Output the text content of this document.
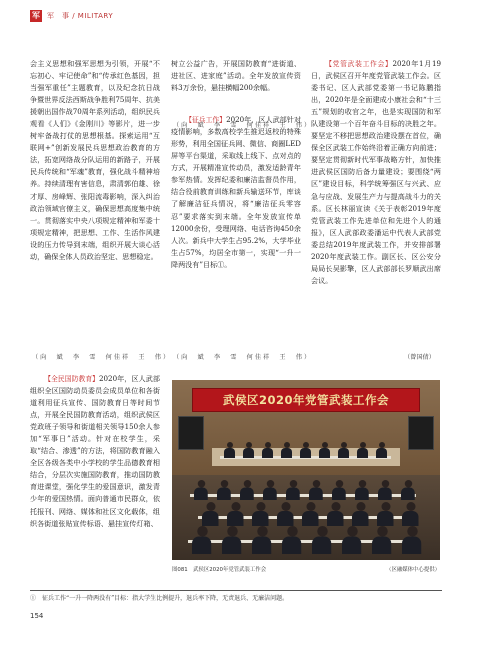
军 军　事 / MILITARY

会主义思想和强军思想为引领，开展“不忘初心、牢记使命”和“传承红色基因，担当强军重任”主题教育，以及纪念抗日战争暨世界反法西斯战争胜利75周年、抗美援朝出国作战70周年系列活动，组织民兵观看《人们》《金刚川》等影片，进一步树牢备战打仗的思想根基。探索运用“互联网+”创新发展民兵思想政治教育的方法，拓宽网络战分队运用的新路子，开展民兵传统和“军魂”教育，强化战斗精神培养。持续清理有害信息，肃清郭伯雄、徐才厚、房峰辉、张阳流毒影响，深入纠治政治领域官僚主义，确保思想高度集中统一。贯彻落实中央八项规定精神和军委十项规定精神，把思想、工作、生活作风建设的压力传导到末端，组织开展大谈心活动，确保全体人员政治坚定、思想稳定。

（向　斌　李　雪　何佳祥　王　伟）

树立公益广告，开展国防教育“进街道、进社区、进家庭”活动。全年发放宣传资料3万余份，悬挂横幅200余幅。

【征兵工作】2020年，区人武部针对疫情影响，多数高校学生推迟返校的特殊形势，利用全国征兵网、微信、商圈LED屏等平台渠道，采取线上线下、点对点的方式，开展精准宣传动员，激发适龄青年参军热情。发挥纪委和廉洁监督员作用，结合役前教育训练和新兵输送环节，库谈了解廉洁征兵情况，将“廉洁征兵零容忍”要求落实到末端。全年发放宣传单12000余份，受理网络、电话咨询450余人次。新兵中大学生占95.2%，大学毕业生占57%，均居全市第一，实现“一升一降两没有”目标①。

（向　斌　李　雪　何佳祥　王　伟）
（向　斌　李　雪　何佳祥　王　伟）

【党管武装工作会】2020年1月19日，武侯区召开年度党管武装工作会。区委书记、区人武部党委第一书记陈鹏指出，2020年是全面建成小康社会和“十三五”规划的收官之年，也是实现国防和军队建设第一个百年奋斗目标的决胜之年。要坚定不移把思想政治建设摆在首位，确保全区武装工作始终沿着正确方向前进；要坚定贯彻新时代军事战略方针，加快推进武侯区国防后备力量建设；要围绕“两区”建设目标，科学统筹强区与兴武、应急与应战、发展生产力与提高战斗力的关系。区长林丽宣读《关于表彰2019年度党管武装工作先进单位和先进个人的通报》，区人武部政委潘运中代表人武部党委总结2019年度武装工作，并安排部署2020年度武装工作。副区长、区公安分局局长吴影擎，区人武部部长罗顺武出席会议。

（曾国倩）

【全民国防教育】2020年，区人武部组织全区国防动员委员会成员单位和各街道利用征兵宣传、国防教育日等时间节点，开展全民国防教育活动，组织武侯区党政班子领导和街道相关领导150余人参加“军事日”活动。针对在校学生，采取“结合、渗透”的方法，将国防教育融入全区各级各类中小学校的学生品德教育相结合，分层次实施国防教育，推动国防教育进课堂，强化学生的爱国意识，激发青少年的爱国热情。面向普通市民群众，依托报刊、网络、媒体和社区文化载体，组织各街道张贴宣传标语、悬挂宣传灯箱、

武侯区2020年党管武装工作会
图081　武侯区2020年党管武装工作会	（区融媒体中心提供）
①　征兵工作“一升一降两没有”目标：指大学生比例提升，退兵率下降，无责退兵、无廉洁问题。
154
